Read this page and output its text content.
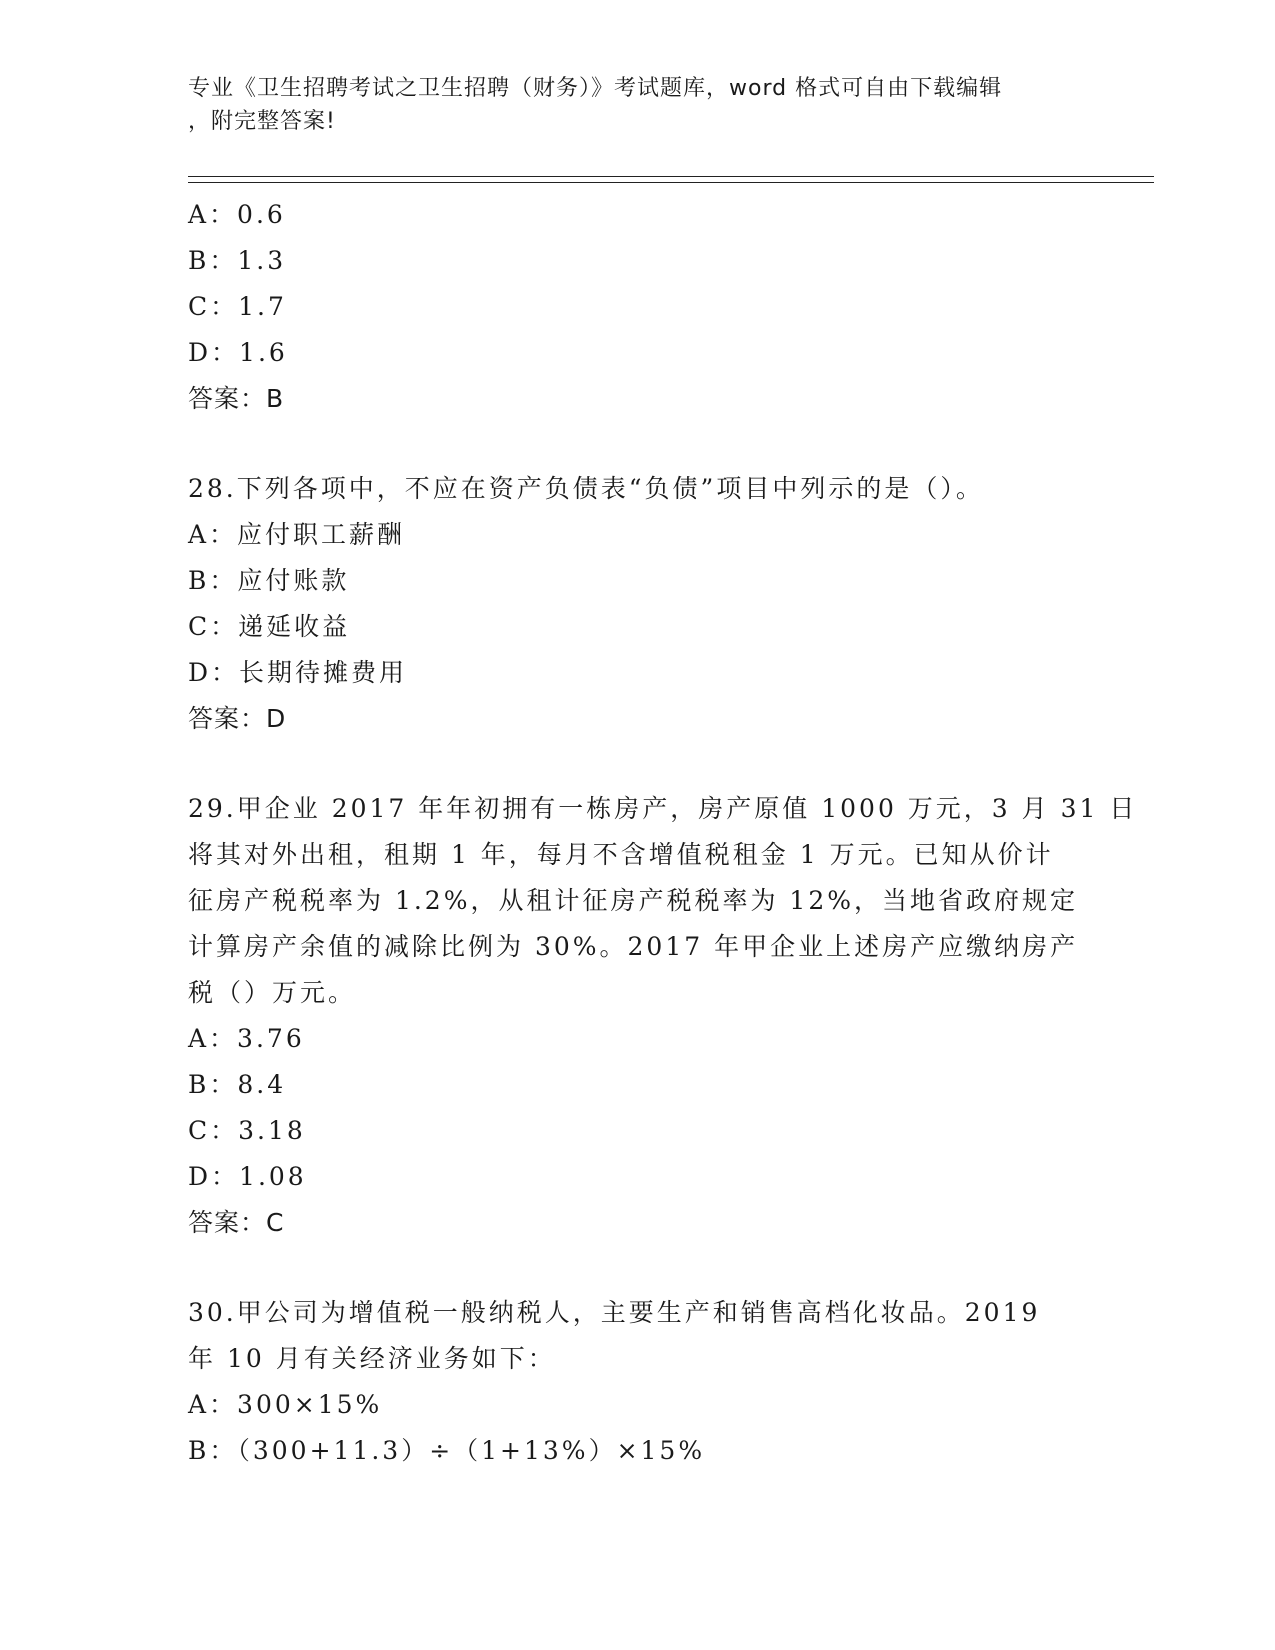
专业《卫生招聘考试之卫生招聘（财务）》考试题库，word 格式可自由下载编辑
，附完整答案!
A：0.6
B：1.3
C：1.7
D：1.6
答案：B
28.下列各项中，不应在资产负债表“负债”项目中列示的是（）。
A：应付职工薪酬
B：应付账款
C：递延收益
D：长期待摊费用
答案：D
29.甲企业 2017 年年初拥有一栋房产，房产原值 1000 万元，3 月 31 日
将其对外出租，租期 1 年，每月不含增值税租金 1 万元。已知从价计
征房产税税率为 1.2%，从租计征房产税税率为 12%，当地省政府规定
计算房产余值的减除比例为 30%。2017 年甲企业上述房产应缴纳房产
税（）万元。
A：3.76
B：8.4
C：3.18
D：1.08
答案：C
30.甲公司为增值税一般纳税人，主要生产和销售高档化妆品。2019
年 10 月有关经济业务如下：
A：300×15%
B：（300+11.3）÷（1+13%）×15%
